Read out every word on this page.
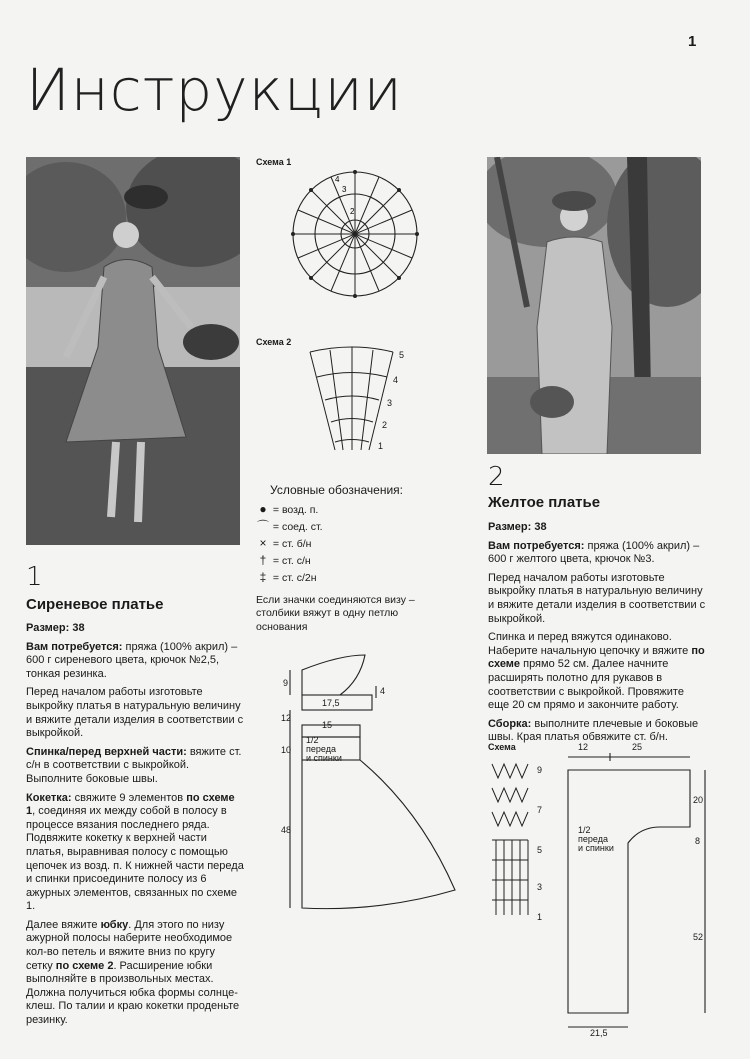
1
Инструкции
Схема 1
2
3
4
Схема 2
5
4
3
2
1
Условные обозначения:
● = возд. п.
⌒ = соед. ст.
× = ст. б/н
† = ст. с/н
‡ = ст. с/2н
Если значки соединяются визу – столбики вяжут в одну петлю основания
9
17,5
4
12
15
10
48
1/2
переда
и спинки
1
Сиреневое платье

Размер: 38

Вам потребуется: пряжа (100% акрил) – 600 г сиреневого цвета, крючок №2,5, тонкая резинка.

Перед началом работы изготовьте выкройку платья в натуральную величину и вяжите детали изделия в соответствии с выкройкой.

Спинка/перед верхней части: вяжите ст. с/н в соответствии с выкройкой. Выполните боковые швы.

Кокетка: свяжите 9 элементов по схеме 1, соединяя их между собой в полосу в процессе вязания последнего ряда. Подвяжите кокетку к верхней части платья, выравнивая полосу с помощью цепочек из возд. п. К нижней части переда и спинки присоедините полосу из 6 ажурных элементов, связанных по схеме 1.

Далее вяжите юбку. Для этого по низу ажурной полосы наберите необходимое кол-во петель и вяжите вниз по кругу сетку по схеме 2. Расширение юбки выполняйте в произвольных местах. Должна получиться юбка формы солнце-клеш. По талии и краю кокетки проденьте резинку.

2
Желтое платье

Размер: 38

Вам потребуется: пряжа (100% акрил) – 600 г желтого цвета, крючок №3.

Перед началом работы изготовьте выкройку платья в натуральную величину и вяжите детали изделия в соответствии с выкройкой.

Спинка и перед вяжутся одинаково. Наберите начальную цепочку и вяжите по схеме прямо 52 см. Далее начните расширять полотно для рукавов в соответствии с выкройкой. Провяжите еще 20 см прямо и закончите работу.

Сборка: выполните плечевые и боковые швы. Края платья обвяжите ст. б/н.

Схема
9
7
5
3
1
12	25
20
8
52
21,5
1/2
переда
и спинки
